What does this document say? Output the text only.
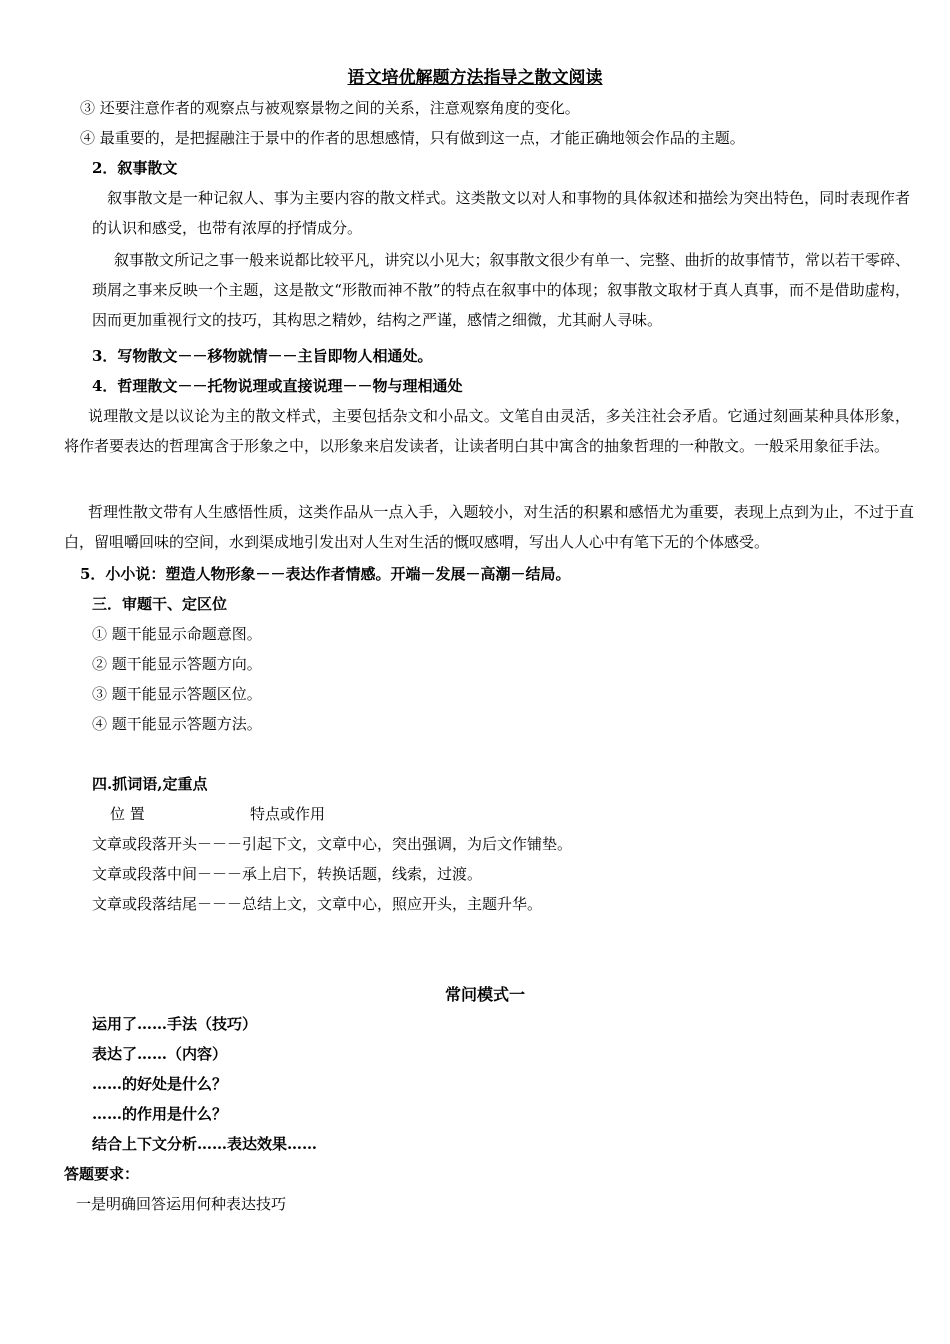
语文培优解题方法指导之散文阅读
③ 还要注意作者的观察点与被观察景物之间的关系，注意观察角度的变化。
④ 最重要的，是把握融注于景中的作者的思想感情，只有做到这一点，才能正确地领会作品的主题。
2．叙事散文
　叙事散文是一种记叙人、事为主要内容的散文样式。这类散文以对人和事物的具体叙述和描绘为突出特色，同时表现作者的认识和感受，也带有浓厚的抒情成分。
叙事散文所记之事一般来说都比较平凡，讲究以小见大；叙事散文很少有单一、完整、曲折的故事情节，常以若干零碎、琐屑之事来反映一个主题，这是散文“形散而神不散”的特点在叙事中的体现；叙事散文取材于真人真事，而不是借助虚构，因而更加重视行文的技巧，其构思之精妙，结构之严谨，感情之细微，尤其耐人寻味。
3．写物散文－－移物就情－－主旨即物人相通处。
4．哲理散文－－托物说理或直接说理－－物与理相通处
说理散文是以议论为主的散文样式，主要包括杂文和小品文。文笔自由灵活，多关注社会矛盾。它通过刻画某种具体形象，将作者要表达的哲理寓含于形象之中，以形象来启发读者，让读者明白其中寓含的抽象哲理的一种散文。一般采用象征手法。
哲理性散文带有人生感悟性质，这类作品从一点入手，入题较小，对生活的积累和感悟尤为重要，表现上点到为止，不过于直白，留咀嚼回味的空间，水到渠成地引发出对人生对生活的慨叹感喟，写出人人心中有笔下无的个体感受。
5．小小说：塑造人物形象－－表达作者情感。开端－发展－高潮－结局。
三．审题干、定区位
① 题干能显示命题意图。
② 题干能显示答题方向。
③ 题干能显示答题区位。
④ 题干能显示答题方法。
四.抓词语,定重点
位 置	特点或作用
文章或段落开头－－－引起下文，文章中心，突出强调，为后文作铺垫。
文章或段落中间－－－承上启下，转换话题，线索，过渡。
文章或段落结尾－－－总结上文，文章中心，照应开头，主题升华。
常问模式一
运用了……手法（技巧）
表达了……（内容）
……的好处是什么？
……的作用是什么？
结合上下文分析……表达效果……
答题要求：
一是明确回答运用何种表达技巧
